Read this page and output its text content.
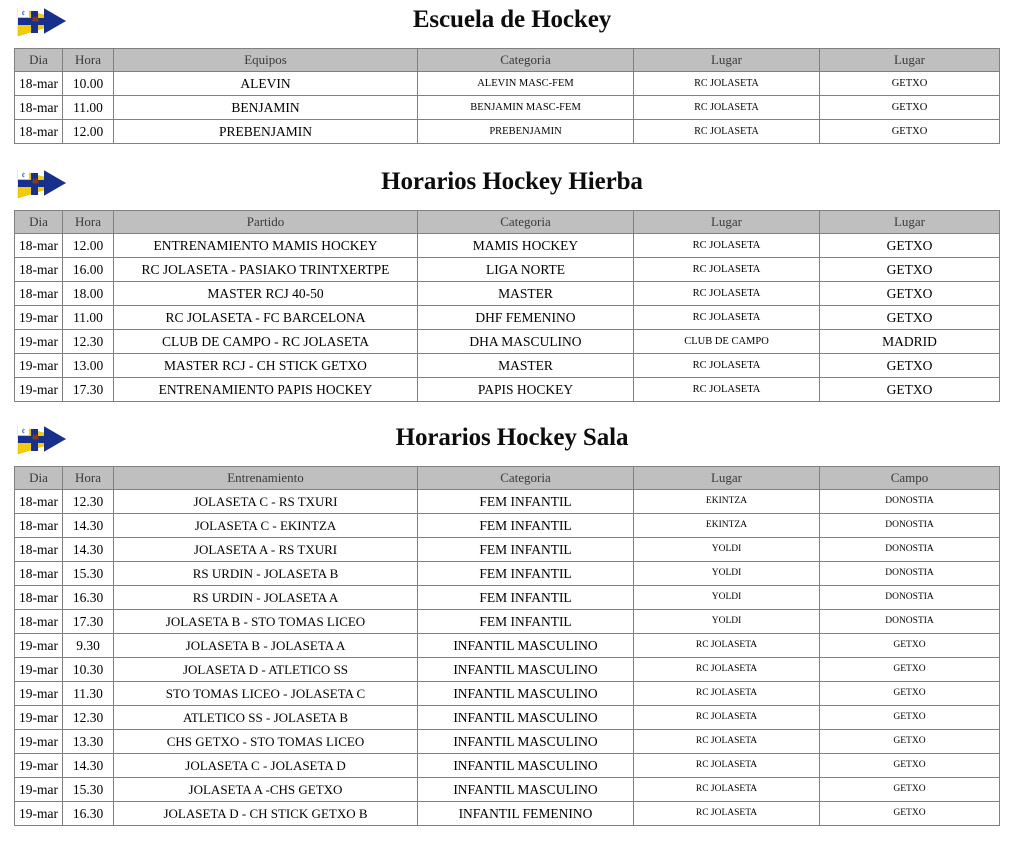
¢	Escuela de Hockey
Dia	Hora	Equipos	Categoria	Lugar	Lugar
18-mar	10.00	ALEVIN	ALEVIN MASC-FEM	RC JOLASETA	GETXO
18-mar	11.00	BENJAMIN	BENJAMIN MASC-FEM	RC JOLASETA	GETXO
18-mar	12.00	PREBENJAMIN	PREBENJAMIN	RC JOLASETA	GETXO
¢	Horarios Hockey Hierba
Dia	Hora	Partido	Categoria	Lugar	Lugar
18-mar	12.00	ENTRENAMIENTO MAMIS HOCKEY	MAMIS HOCKEY	RC JOLASETA	GETXO
18-mar	16.00	RC JOLASETA - PASIAKO TRINTXERTPE	LIGA NORTE	RC JOLASETA	GETXO
18-mar	18.00	MASTER RCJ 40-50	MASTER	RC JOLASETA	GETXO
19-mar	11.00	RC JOLASETA - FC BARCELONA	DHF FEMENINO	RC JOLASETA	GETXO
19-mar	12.30	CLUB DE CAMPO - RC JOLASETA	DHA MASCULINO	CLUB DE CAMPO	MADRID
19-mar	13.00	MASTER RCJ - CH STICK GETXO	MASTER	RC JOLASETA	GETXO
19-mar	17.30	ENTRENAMIENTO PAPIS HOCKEY	PAPIS HOCKEY	RC JOLASETA	GETXO
¢	Horarios Hockey Sala
Dia	Hora	Entrenamiento	Categoria	Lugar	Campo
18-mar	12.30	JOLASETA C - RS TXURI	FEM INFANTIL	EKINTZA	DONOSTIA
18-mar	14.30	JOLASETA C - EKINTZA	FEM INFANTIL	EKINTZA	DONOSTIA
18-mar	14.30	JOLASETA A - RS TXURI	FEM INFANTIL	YOLDI	DONOSTIA
18-mar	15.30	RS URDIN - JOLASETA B	FEM INFANTIL	YOLDI	DONOSTIA
18-mar	16.30	RS URDIN - JOLASETA A	FEM INFANTIL	YOLDI	DONOSTIA
18-mar	17.30	JOLASETA B - STO TOMAS LICEO	FEM INFANTIL	YOLDI	DONOSTIA
19-mar	9.30	JOLASETA B - JOLASETA A	INFANTIL MASCULINO	RC JOLASETA	GETXO
19-mar	10.30	JOLASETA D - ATLETICO SS	INFANTIL MASCULINO	RC JOLASETA	GETXO
19-mar	11.30	STO TOMAS LICEO - JOLASETA C	INFANTIL MASCULINO	RC JOLASETA	GETXO
19-mar	12.30	ATLETICO SS - JOLASETA B	INFANTIL MASCULINO	RC JOLASETA	GETXO
19-mar	13.30	CHS GETXO - STO TOMAS LICEO	INFANTIL MASCULINO	RC JOLASETA	GETXO
19-mar	14.30	JOLASETA C - JOLASETA D	INFANTIL MASCULINO	RC JOLASETA	GETXO
19-mar	15.30	JOLASETA A -CHS GETXO	INFANTIL MASCULINO	RC JOLASETA	GETXO
19-mar	16.30	JOLASETA D - CH STICK GETXO B	INFANTIL FEMENINO	RC JOLASETA	GETXO
